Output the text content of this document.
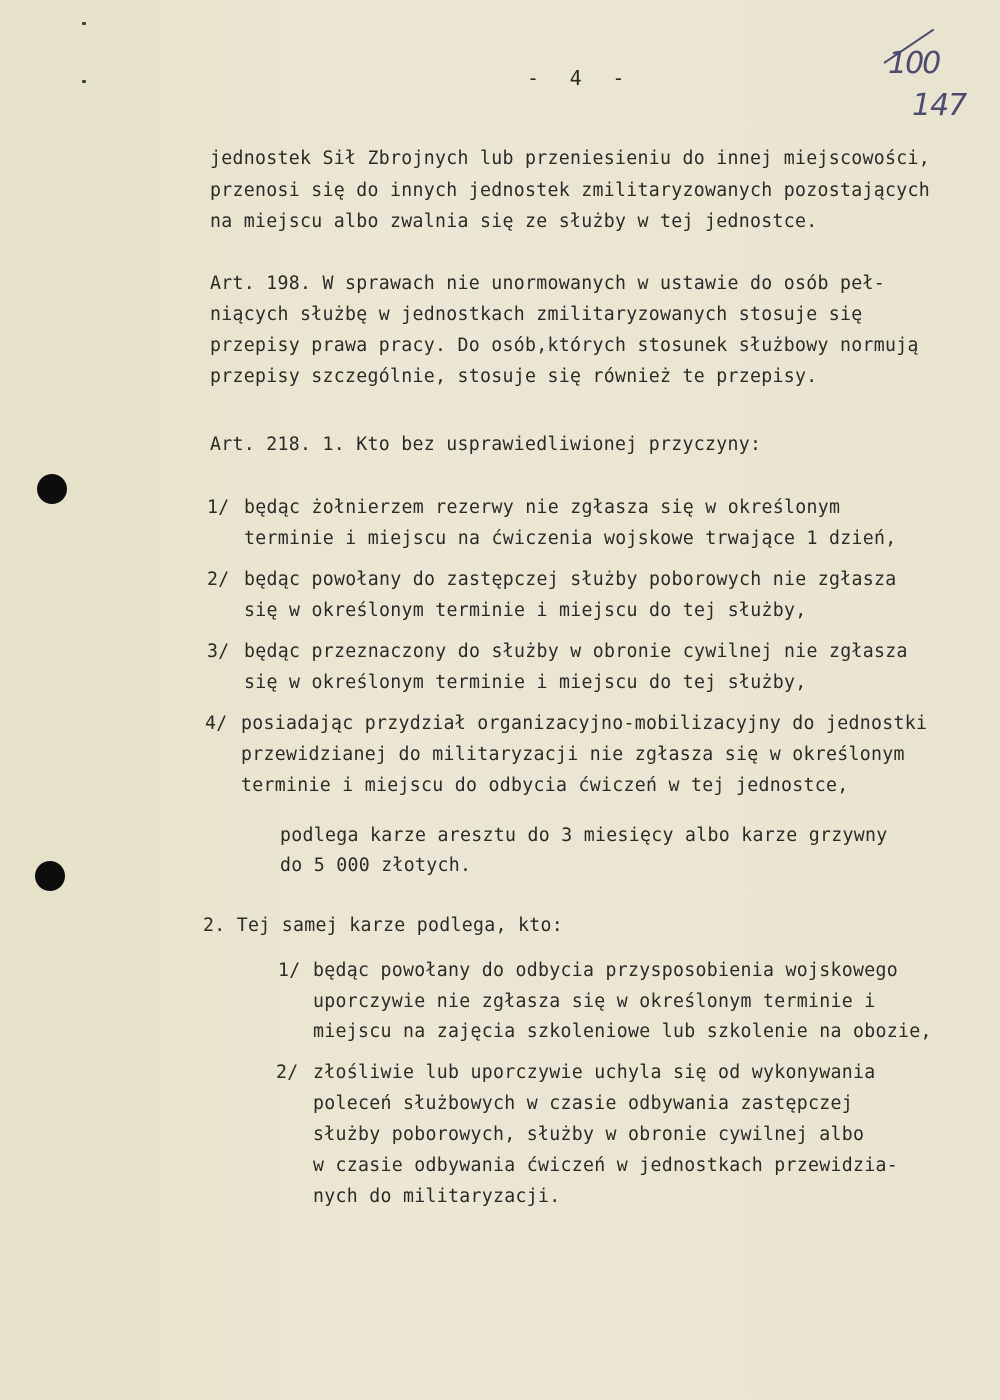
- 4 -	100
147
jednostek Sił Zbrojnych lub przeniesieniu do innej miejscowości,
przenosi się do innych jednostek zmilitaryzowanych pozostających
na miejscu albo zwalnia się ze służby w tej jednostce.
Art. 198. W sprawach nie unormowanych w ustawie do osób peł-
niących służbę w jednostkach zmilitaryzowanych stosuje się
przepisy prawa pracy. Do osób,których stosunek służbowy normują
przepisy szczególnie, stosuje się również te przepisy.
Art. 218. 1. Kto bez usprawiedliwionej przyczyny:
1/ będąc żołnierzem rezerwy nie zgłasza się w określonym
terminie i miejscu na ćwiczenia wojskowe trwające 1 dzień,
2/ będąc powołany do zastępczej służby poborowych nie zgłasza
się w określonym terminie i miejscu do tej służby,
3/ będąc przeznaczony do służby w obronie cywilnej nie zgłasza
się w określonym terminie i miejscu do tej służby,
4/ posiadając przydział organizacyjno-mobilizacyjny do jednostki
przewidzianej do militaryzacji nie zgłasza się w określonym
terminie i miejscu do odbycia ćwiczeń w tej jednostce,
podlega karze aresztu do 3 miesięcy albo karze grzywny
do 5 000 złotych.
2. Tej samej karze podlega, kto:
1/ będąc powołany do odbycia przysposobienia wojskowego
uporczywie nie zgłasza się w określonym terminie i
miejscu na zajęcia szkoleniowe lub szkolenie na obozie,
2/ złośliwie lub uporczywie uchyla się od wykonywania
poleceń służbowych w czasie odbywania zastępczej
służby poborowych, służby w obronie cywilnej albo
w czasie odbywania ćwiczeń w jednostkach przewidzia-
nych do militaryzacji.
